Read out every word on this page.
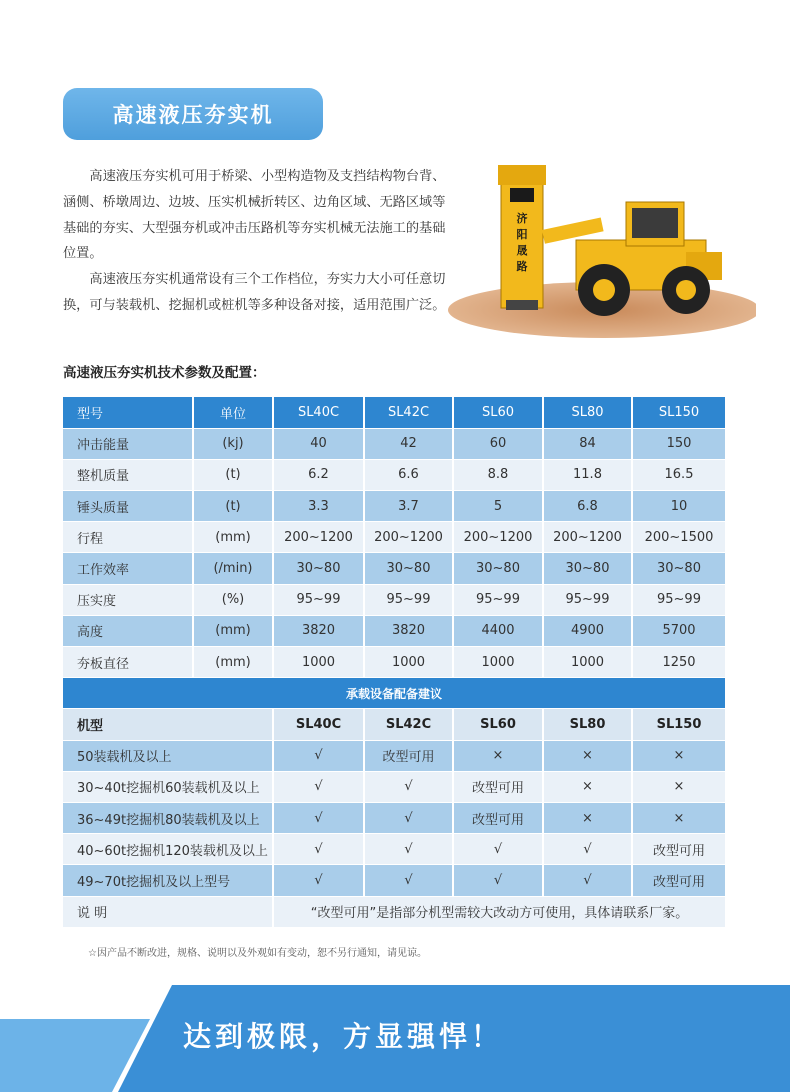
高速液压夯实机

高速液压夯实机可用于桥梁、小型构造物及支挡结构物台背、涵侧、桥墩周边、边坡、压实机械折转区、边角区域、无路区域等基础的夯实、大型强夯机或冲击压路机等夯实机械无法施工的基础位置。

高速液压夯实机通常设有三个工作档位，夯实力大小可任意切换，可与装载机、挖掘机或桩机等多种设备对接，适用范围广泛。

济
阳
晟
路
高速液压夯实机技术参数及配置：
型号	单位	SL40C	SL42C	SL60	SL80	SL150
冲击能量	(kj)	40	42	60	84	150
整机质量	(t)	6.2	6.6	8.8	11.8	16.5
锤头质量	(t)	3.3	3.7	5	6.8	10
行程	(mm)	200~1200	200~1200	200~1200	200~1200	200~1500
工作效率	(/min)	30~80	30~80	30~80	30~80	30~80
压实度	(%)	95~99	95~99	95~99	95~99	95~99
高度	(mm)	3820	3820	4400	4900	5700
夯板直径	(mm)	1000	1000	1000	1000	1250
承载设备配备建议						
机型		SL40C	SL42C	SL60	SL80	SL150
50装载机及以上		√	改型可用	×	×	×
30~40t挖掘机60装载机及以上		√	√	改型可用	×	×
36~49t挖掘机80装载机及以上		√	√	改型可用	×	×
40~60t挖掘机120装载机及以上		√	√	√	√	改型可用
49~70t挖掘机及以上型号		√	√	√	√	改型可用
说 明		“改型可用”是指部分机型需较大改动方可使用，具体请联系厂家。				
☆因产品不断改进，规格、说明以及外观如有变动，恕不另行通知，请见谅。
达到极限，方显强悍！
